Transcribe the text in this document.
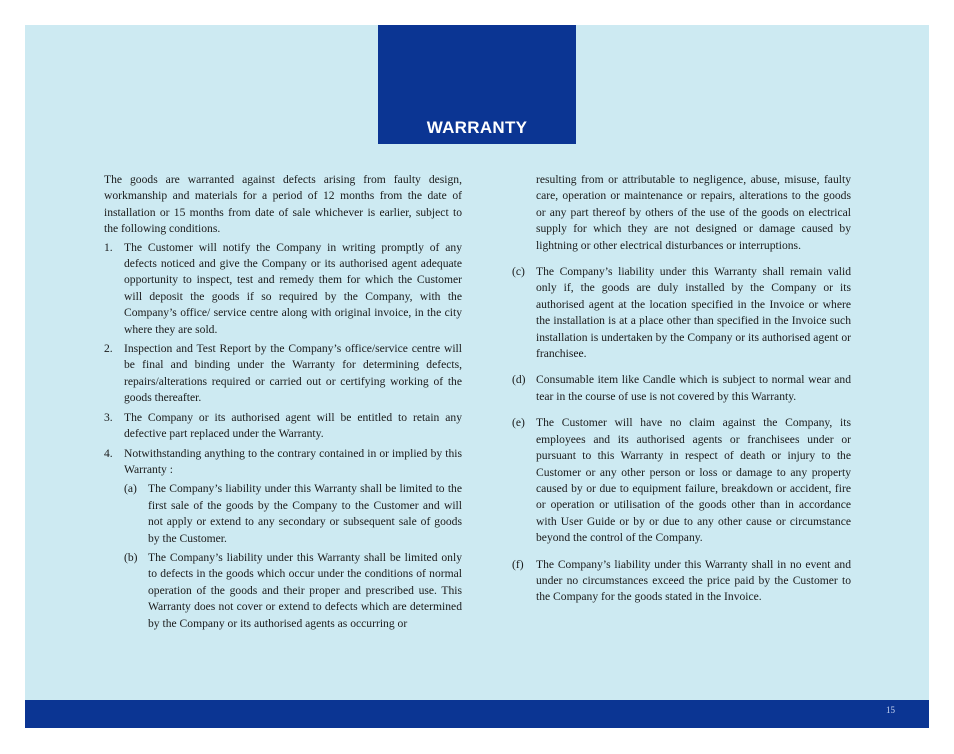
WARRANTY

The goods are warranted against defects arising from faulty design, workmanship and materials for a period of 12 months from the date of installation or 15 months from date of sale whichever is earlier, subject to the following conditions.

1. The Customer will notify the Company in writing promptly of any defects noticed and give the Company or its authorised agent adequate opportunity to inspect, test and remedy them for which the Customer will deposit the goods if so required by the Company, with the Company’s office/ service centre along with original invoice, in the city where they are sold.

2. Inspection and Test Report by the Company’s office/service centre will be final and binding under the Warranty for determining defects, repairs/alterations required or carried out or certifying working of the goods thereafter.

3. The Company or its authorised agent will be entitled to retain any defective part replaced under the Warranty.

4. Notwithstanding anything to the contrary contained in or implied by this Warranty :

(a) The Company’s liability under this Warranty shall be limited to the first sale of the goods by the Company to the Customer and will not apply or extend to any secondary or subsequent sale of goods by the Customer.

(b) The Company’s liability under this Warranty shall be limited only to defects in the goods which occur under the conditions of normal operation of the goods and their proper and prescribed use. This Warranty does not cover or extend to defects which are determined by the Company or its authorised agents as occurring or

resulting from or attributable to negligence, abuse, misuse, faulty care, operation or maintenance or repairs, alterations to the goods or any part thereof by others of the use of the goods on electrical supply for which they are not designed or damage caused by lightning or other electrical disturbances or interruptions.

(c) The Company’s liability under this Warranty shall remain valid only if, the goods are duly installed by the Company or its authorised agent at the location specified in the Invoice or where the installation is at a place other than specified in the Invoice such installation is undertaken by the Company or its authorised agent or franchisee.

(d) Consumable item like Candle which is subject to normal wear and tear in the course of use is not covered by this Warranty.

(e) The Customer will have no claim against the Company, its employees and its authorised agents or franchisees under or pursuant to this Warranty in respect of death or injury to the Customer or any other person or loss or damage to any property caused by or due to equipment failure, breakdown or accident, fire or operation or utilisation of the goods other than in accordance with User Guide or by or due to any other cause or circumstance beyond the control of the Company.

(f) The Company’s liability under this Warranty shall in no event and under no circumstances exceed the price paid by the Customer to the Company for the goods stated in the Invoice.

15
